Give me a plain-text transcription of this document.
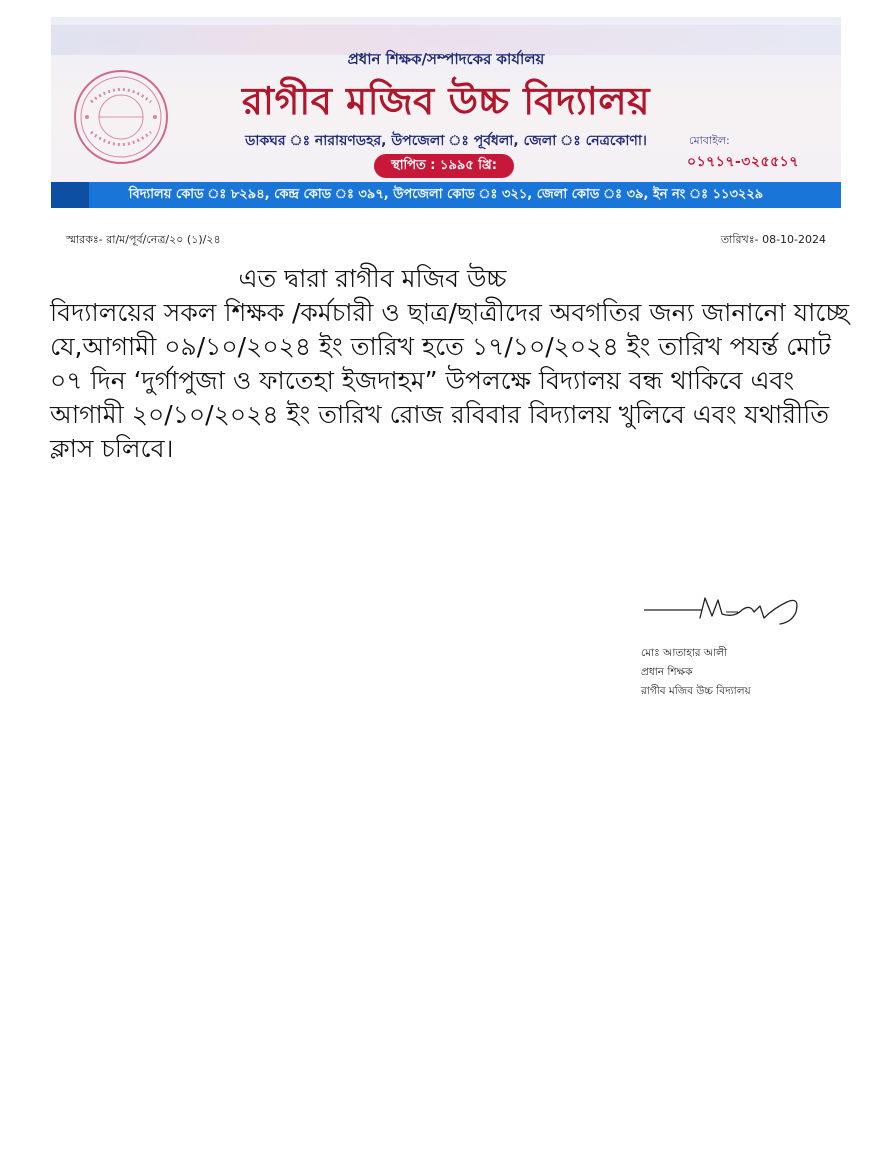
প্রধান শিক্ষক/সম্পাদকের কার্যালয়
রাগীব মজিব উচ্চ বিদ্যালয়
ডাকঘর ঃ নারায়ণডহর, উপজেলা ঃ পূর্বধলা, জেলা ঃ নেত্রকোণা।
স্থাপিত : ১৯৯৫ খ্রি:
মোবাইল:
০১৭১৭-৩২৫৫১৭
বিদ্যালয় কোড ঃ ৮২৯৪, কেন্দ্র কোড ঃ ৩৯৭, উপজেলা কোড ঃ ৩২১, জেলা কোড ঃ ৩৯, ইন নং ঃ ১১৩২২৯
স্মারকঃ- রা/ম/পূর্ব/নেত্র/২০ (১)/২৪	তারিখঃ- 08-10-2024

এত দ্বারা রাগীব মজিব উচ্চ

বিদ্যালয়ের সকল শিক্ষক /কর্মচারী ও ছাত্র/ছাত্রীদের অবগতির জন্য জানানো যাচ্ছে যে,আগামী ০৯/১০/২০২৪ ইং তারিখ হতে ১৭/১০/২০২৪ ইং তারিখ পযর্ন্ত মোট ০৭ দিন ‘দুর্গাপুজা ও ফাতেহা ইজদাহম” উপলক্ষে বিদ্যালয় বন্ধ থাকিবে এবং আগামী ২০/১০/২০২৪ ইং তারিখ রোজ রবিবার বিদ্যালয় খুলিবে এবং যথারীতি ক্লাস চলিবে।

মোঃ আতাহার আলী
প্রধান শিক্ষক
রাগীব মজিব উচ্চ বিদ্যালয়
